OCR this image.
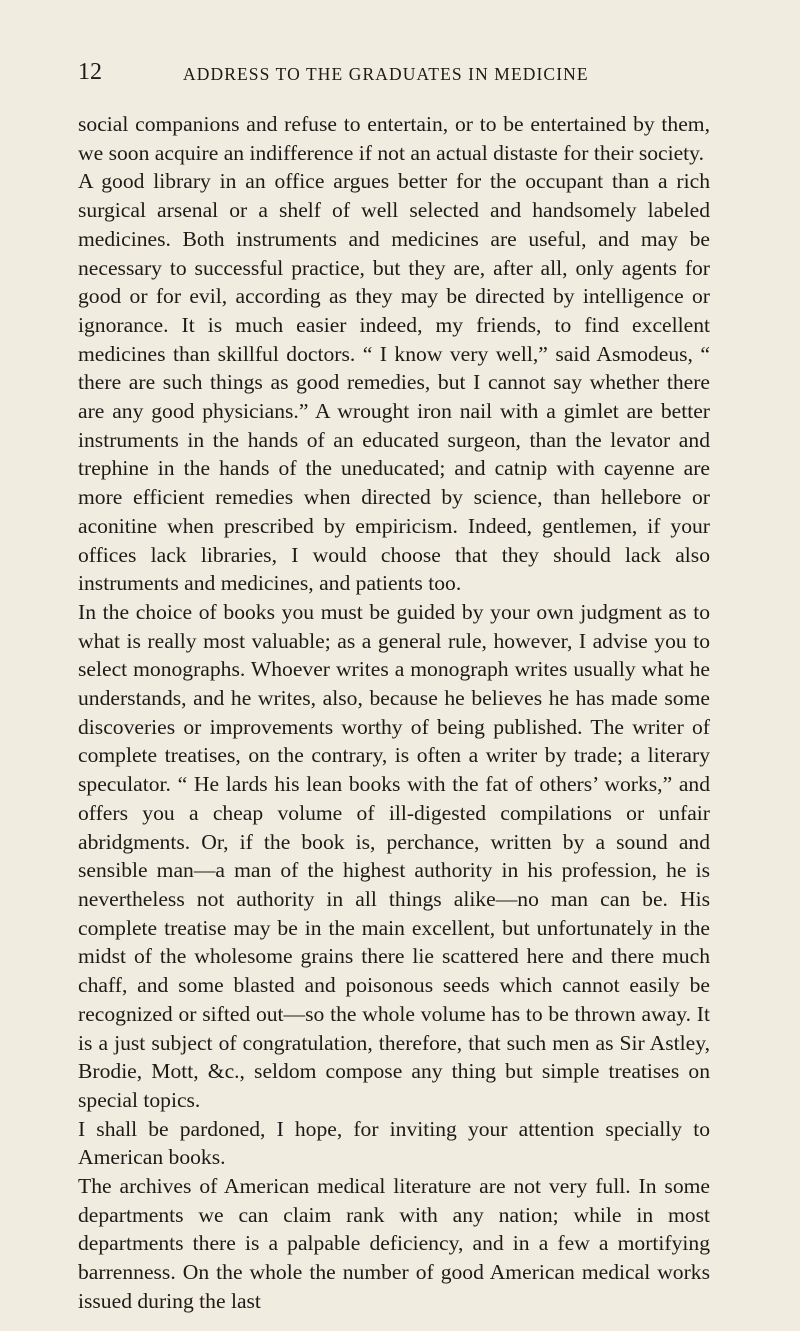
12	ADDRESS TO THE GRADUATES IN MEDICINE

social companions and refuse to entertain, or to be entertained by them, we soon acquire an indifference if not an actual distaste for their society.

A good library in an office argues better for the occupant than a rich surgical arsenal or a shelf of well selected and handsomely labeled medicines. Both instruments and medicines are useful, and may be necessary to successful practice, but they are, after all, only agents for good or for evil, according as they may be directed by intelligence or ignorance. It is much easier indeed, my friends, to find excellent medicines than skillful doctors. “ I know very well,” said Asmodeus, “ there are such things as good remedies, but I cannot say whether there are any good physicians.” A wrought iron nail with a gimlet are better instruments in the hands of an educated surgeon, than the levator and trephine in the hands of the uneducated; and catnip with cayenne are more efficient remedies when directed by science, than hellebore or aconitine when prescribed by empiricism. Indeed, gentlemen, if your offices lack libraries, I would choose that they should lack also instruments and medicines, and patients too.

In the choice of books you must be guided by your own judgment as to what is really most valuable; as a general rule, however, I advise you to select monographs. Whoever writes a monograph writes usually what he understands, and he writes, also, because he believes he has made some discoveries or improvements worthy of being published. The writer of complete treatises, on the contrary, is often a writer by trade; a literary speculator. “ He lards his lean books with the fat of others’ works,” and offers you a cheap volume of ill-digested compilations or unfair abridgments. Or, if the book is, perchance, written by a sound and sensible man—a man of the highest authority in his profession, he is nevertheless not authority in all things alike—no man can be. His complete treatise may be in the main excellent, but unfortunately in the midst of the wholesome grains there lie scattered here and there much chaff, and some blasted and poisonous seeds which cannot easily be recognized or sifted out—so the whole volume has to be thrown away. It is a just subject of congratulation, therefore, that such men as Sir Astley, Brodie, Mott, &c., seldom compose any thing but simple treatises on special topics.

I shall be pardoned, I hope, for inviting your attention specially to American books.

The archives of American medical literature are not very full. In some departments we can claim rank with any nation; while in most departments there is a palpable deficiency, and in a few a mortifying barrenness. On the whole the number of good American medical works issued during the last
